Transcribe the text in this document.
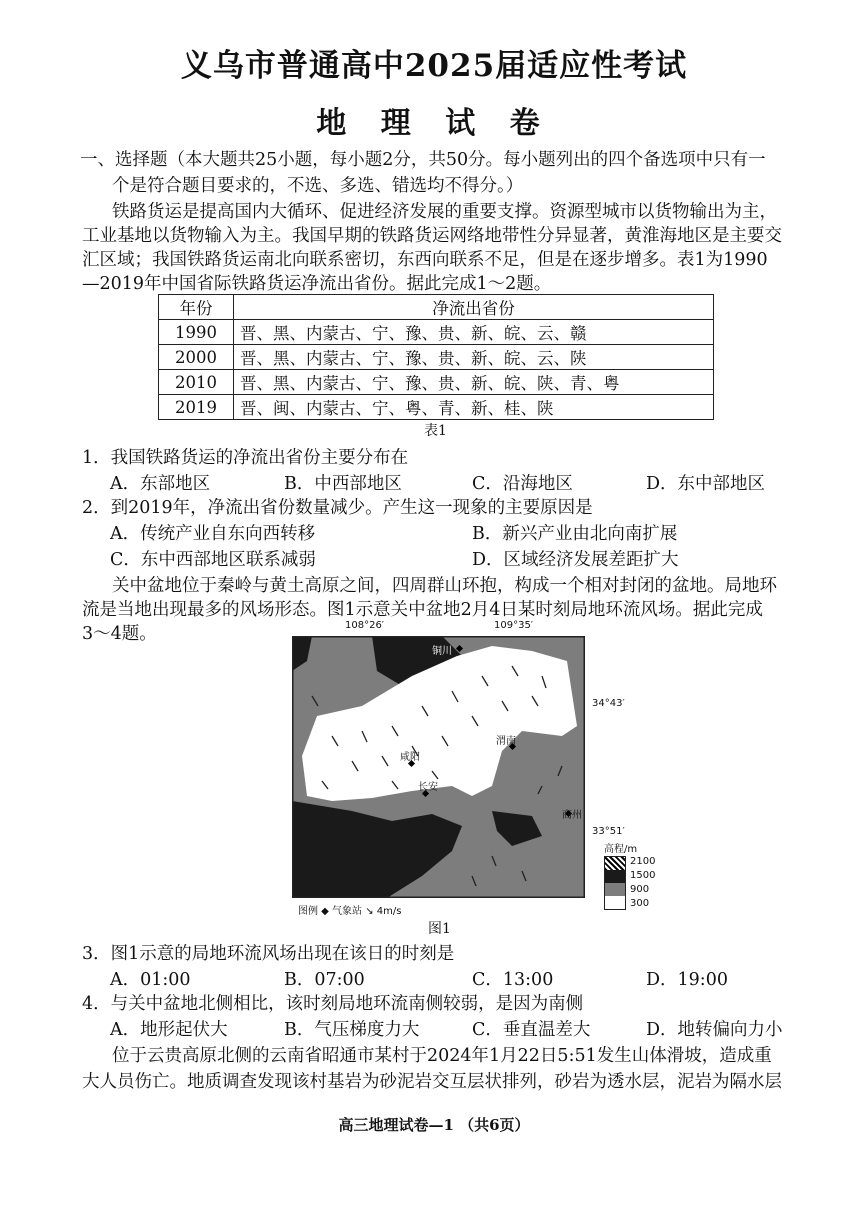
义乌市普通高中2025届适应性考试
地 理 试 卷
一、选择题（本大题共25小题，每小题2分，共50分。每小题列出的四个备选项中只有一
个是符合题目要求的，不选、多选、错选均不得分。）
铁路货运是提高国内大循环、促进经济发展的重要支撑。资源型城市以货物输出为主，
工业基地以货物输入为主。我国早期的铁路货运网络地带性分异显著，黄淮海地区是主要交
汇区域；我国铁路货运南北向联系密切，东西向联系不足，但是在逐步增多。表1为1990
—2019年中国省际铁路货运净流出省份。据此完成1～2题。
年份	净流出省份
1990	晋、黑、内蒙古、宁、豫、贵、新、皖、云、赣
2000	晋、黑、内蒙古、宁、豫、贵、新、皖、云、陕
2010	晋、黑、内蒙古、宁、豫、贵、新、皖、陕、青、粤
2019	晋、闽、内蒙古、宁、粤、青、新、桂、陕
表1
1．我国铁路货运的净流出省份主要分布在
A．东部地区	B．中西部地区	C．沿海地区	D．东中部地区
2．到2019年，净流出省份数量减少。产生这一现象的主要原因是
A．传统产业自东向西转移	B．新兴产业由北向南扩展
C．东中西部地区联系减弱	D．区域经济发展差距扩大
关中盆地位于秦岭与黄土高原之间，四周群山环抱，构成一个相对封闭的盆地。局地环
流是当地出现最多的风场形态。图1示意关中盆地2月4日某时刻局地环流风场。据此完成
3～4题。	108°26′	109°35′
34°43′
33°51′
铜川
渭南
咸阳
长安
商州
高程/m
2100
1500
900
300
图例 ◆ 气象站 ↘ 4m/s
图1
3．图1示意的局地环流风场出现在该日的时刻是
A．01:00	B．07:00	C．13:00	D．19:00
4．与关中盆地北侧相比，该时刻局地环流南侧较弱，是因为南侧
A．地形起伏大	B．气压梯度力大	C．垂直温差大	D．地转偏向力小
位于云贵高原北侧的云南省昭通市某村于2024年1月22日5:51发生山体滑坡，造成重
大人员伤亡。地质调查发现该村基岩为砂泥岩交互层状排列，砂岩为透水层，泥岩为隔水层
高三地理试卷—1 （共6页）
